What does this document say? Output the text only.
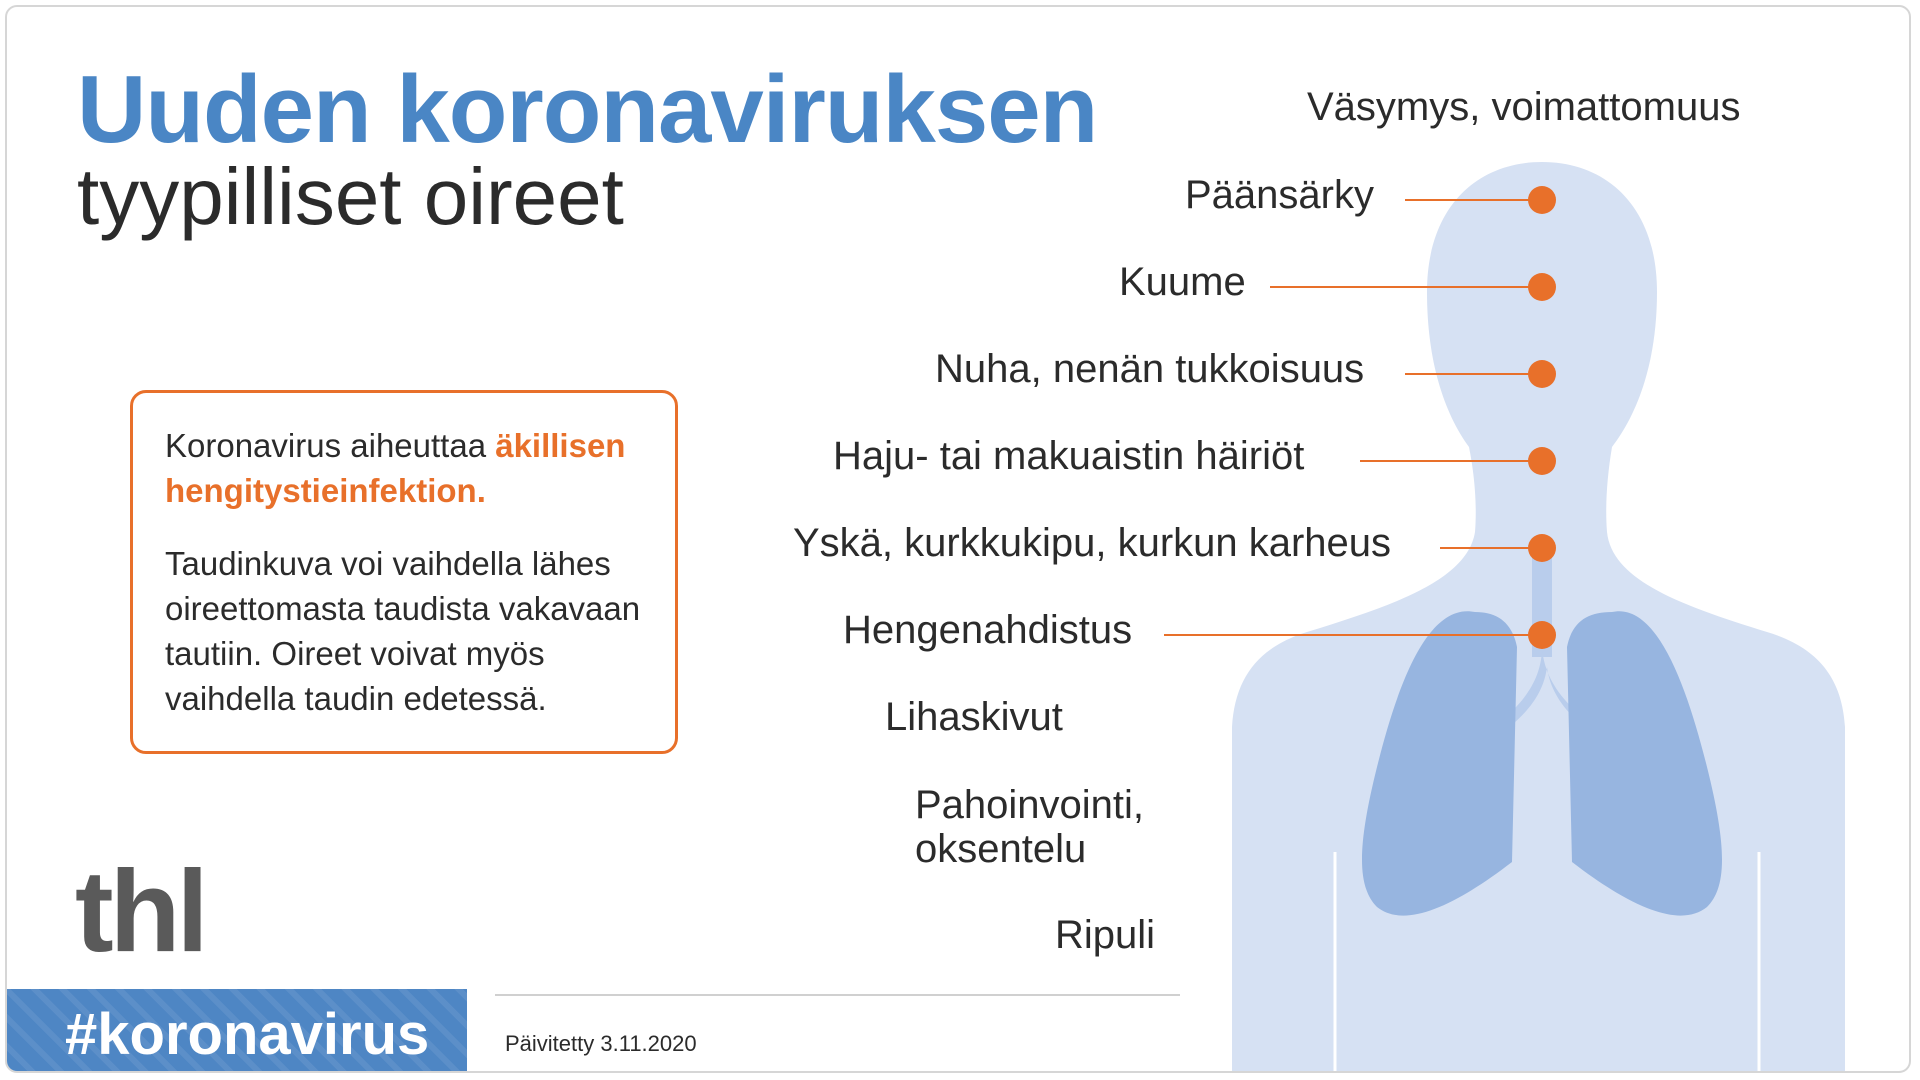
Uuden koronaviruksen
tyypilliset oireet

Koronavirus aiheuttaa äkillisen hengitystieinfektion.

Taudinkuva voi vaihdella lähes oireettomasta taudista vakavaan tautiin. Oireet voivat myös vaihdella taudin edetessä.

thl
#koronavirus	Päivitetty 3.11.2020
Väsymys, voimattomuus
Päänsärky
Kuume
Nuha, nenän tukkoisuus
Haju- tai makuaistin häiriöt
Yskä, kurkkukipu, kurkun karheus
Hengenahdistus
Lihaskivut
Pahoinvointi,
oksentelu
Ripuli
